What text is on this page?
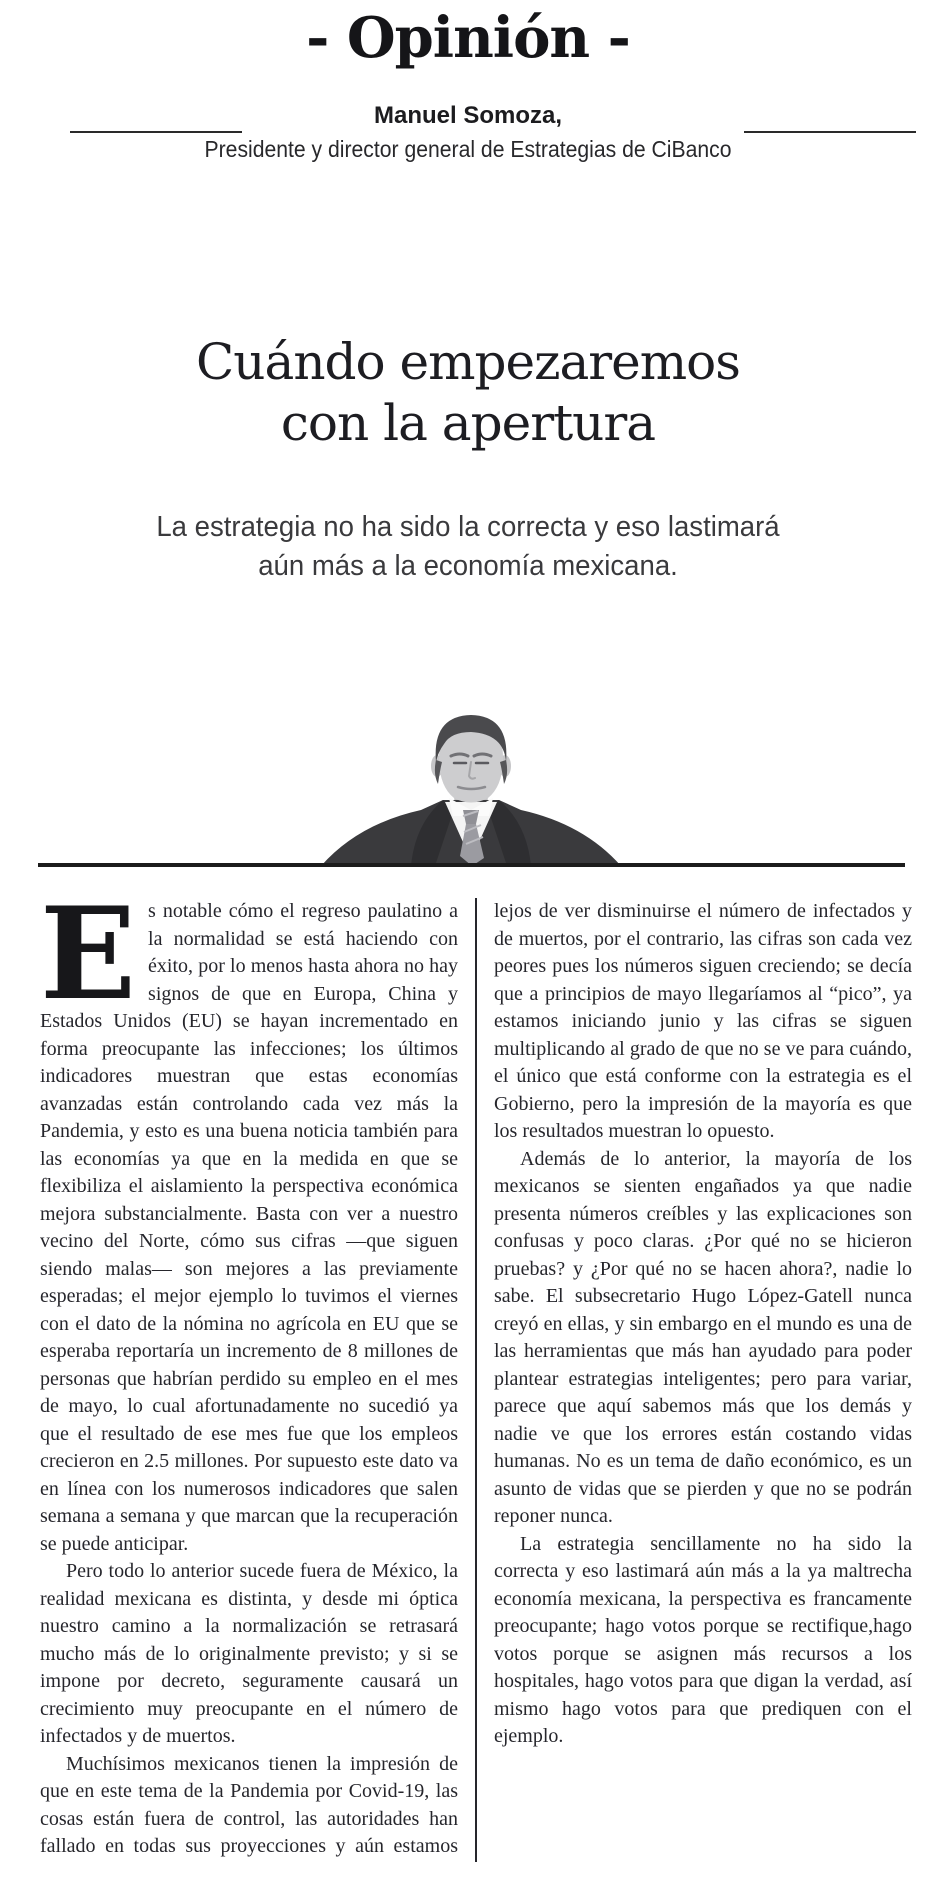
- Opinión -
Manuel Somoza,
Presidente y director general de Estrategias de CiBanco
Cuándo empezaremos
con la apertura

La estrategia no ha sido la correcta y eso lastimará
aún más a la economía mexicana.

Es notable cómo el regreso paulatino a la normalidad se está haciendo con éxito, por lo menos hasta ahora no hay signos de que en Europa, China y Estados Unidos (EU) se hayan incrementado en forma preocupante las infecciones; los últimos indicadores muestran que estas economías avanzadas están controlando cada vez más la Pandemia, y esto es una buena noticia también para las economías ya que en la medida en que se flexibiliza el aislamiento la perspectiva económica mejora substancialmente. Basta con ver a nuestro vecino del Norte, cómo sus cifras —que siguen siendo malas— son mejores a las previamente esperadas; el mejor ejemplo lo tuvimos el viernes con el dato de la nómina no agrícola en EU que se esperaba reportaría un incremento de 8 millones de personas que habrían perdido su empleo en el mes de mayo, lo cual afortunadamente no sucedió ya que el resultado de ese mes fue que los empleos crecieron en 2.5 millones. Por supuesto este dato va en línea con los numerosos indicadores que salen semana a semana y que marcan que la recuperación se puede anticipar.

Pero todo lo anterior sucede fuera de México, la realidad mexicana es distinta, y desde mi óptica nuestro camino a la normalización se retrasará mucho más de lo originalmente previsto; y si se impone por decreto, seguramente causará un crecimiento muy preocupante en el número de infectados y de muertos.

Muchísimos mexicanos tienen la impresión de que en este tema de la Pandemia por Covid-19, las cosas están fuera de control, las autoridades han fallado en todas sus proyecciones y aún estamos lejos de ver disminuirse el número de infectados y de muertos, por el contrario, las cifras son cada vez peores pues los números siguen creciendo; se decía que a principios de mayo llegaríamos al “pico”, ya estamos iniciando junio y las cifras se siguen multiplicando al grado de que no se ve para cuándo, el único que está conforme con la estrategia es el Gobierno, pero la impresión de la mayoría es que los resultados muestran lo opuesto.

Además de lo anterior, la mayoría de los mexicanos se sienten engañados ya que nadie presenta números creíbles y las explicaciones son confusas y poco claras. ¿Por qué no se hicieron pruebas? y ¿Por qué no se hacen ahora?, nadie lo sabe. El subsecretario Hugo López-Gatell nunca creyó en ellas, y sin embargo en el mundo es una de las herramientas que más han ayudado para poder plantear estrategias inteligentes; pero para variar, parece que aquí sabemos más que los demás y nadie ve que los errores están costando vidas humanas. No es un tema de daño económico, es un asunto de vidas que se pierden y que no se podrán reponer nunca.

La estrategia sencillamente no ha sido la correcta y eso lastimará aún más a la ya maltrecha economía mexicana, la perspectiva es francamente preocupante; hago votos porque se rectifique,hago votos porque se asignen más recursos a los hospitales, hago votos para que digan la verdad, así mismo hago votos para que prediquen con el ejemplo.
